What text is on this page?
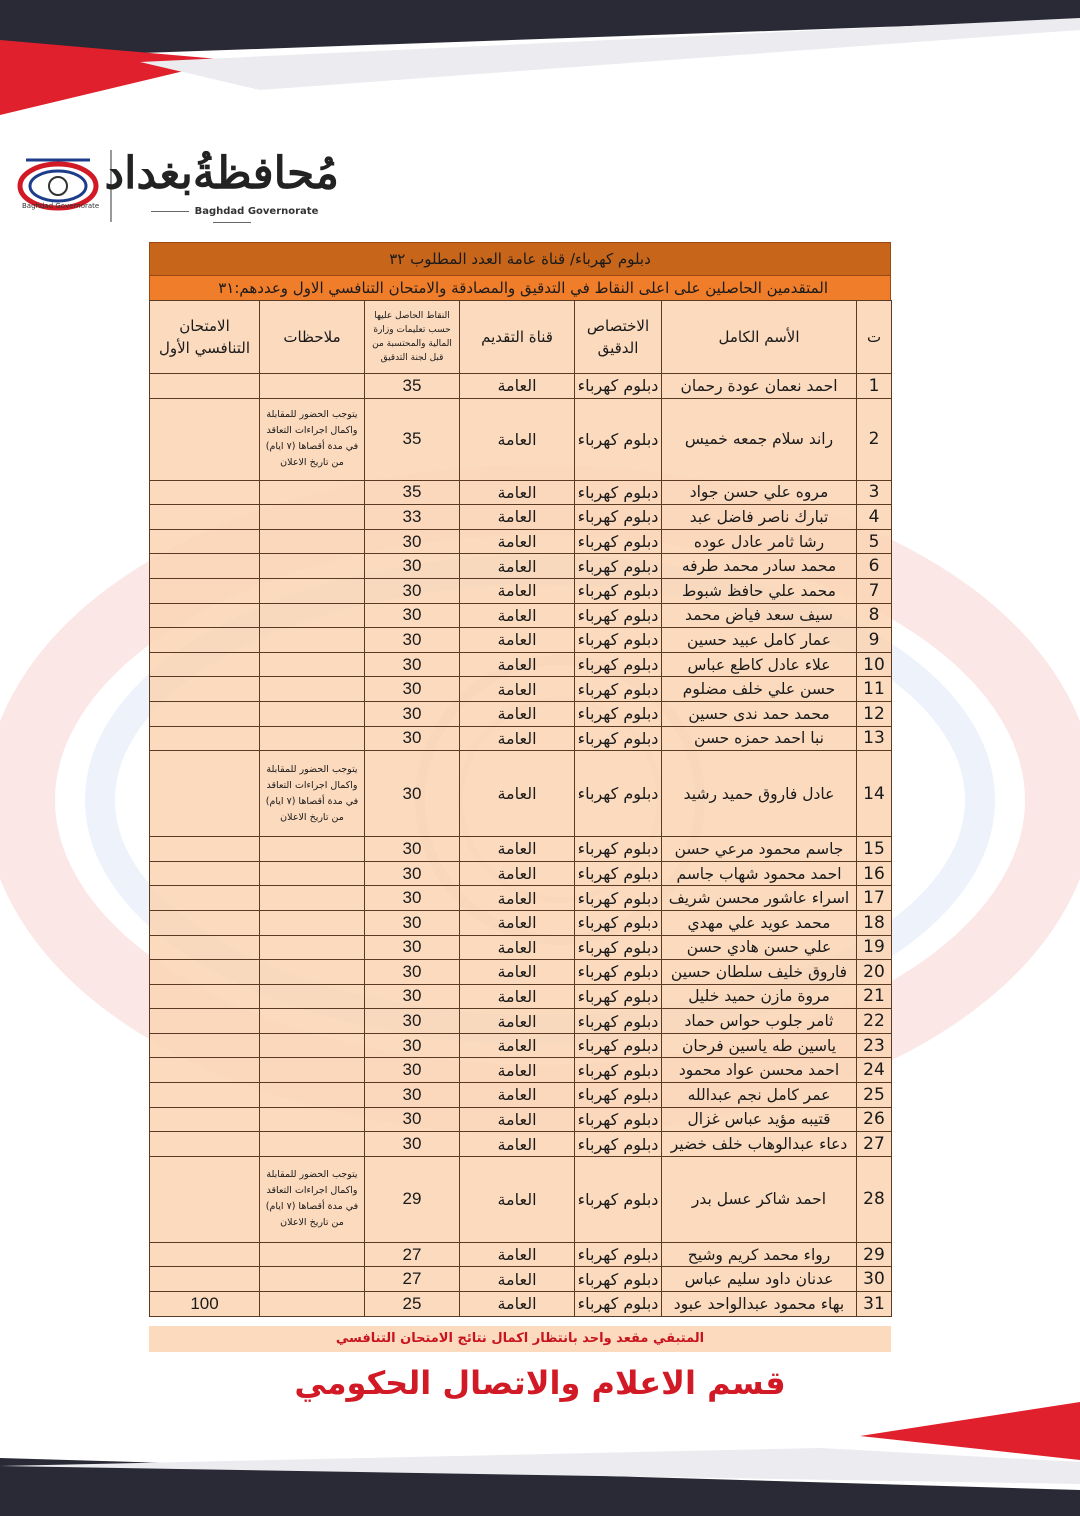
Baghdad Governorate
مُحافظةُبغداد
Baghdad Governorate
دبلوم كهرباء/ قناة عامة العدد المطلوب ٣٢
المتقدمين الحاصلين على اعلى النقاط في التدقيق والمصادقة والامتحان التنافسي الاول وعددهم:٣١
ت	الأسم الكامل	الاختصاص الدقيق	قناة التقديم	النقاط الحاصل عليها حسب تعليمات وزارة المالية والمحتسبة من قبل لجنة التدقيق	ملاحظات	الامتحان التنافسي الأول
1	احمد نعمان عودة رحمان	دبلوم كهرباء	العامة	35		
2	راند سلام جمعه خميس	دبلوم كهرباء	العامة	35	يتوجب الحضور للمقابلة واكمال اجراءات التعاقد في مدة أقصاها (٧ ايام) من تاريخ الاعلان	
3	مروه علي حسن جواد	دبلوم كهرباء	العامة	35		
4	تبارك ناصر فاضل عبد	دبلوم كهرباء	العامة	33		
5	رشا ثامر عادل عوده	دبلوم كهرباء	العامة	30		
6	محمد سادر محمد طرفه	دبلوم كهرباء	العامة	30		
7	محمد علي حافظ شبوط	دبلوم كهرباء	العامة	30		
8	سيف سعد فياض محمد	دبلوم كهرباء	العامة	30		
9	عمار كامل عبيد حسين	دبلوم كهرباء	العامة	30		
10	علاء عادل كاطع عباس	دبلوم كهرباء	العامة	30		
11	حسن علي خلف مضلوم	دبلوم كهرباء	العامة	30		
12	محمد حمد ندى حسين	دبلوم كهرباء	العامة	30		
13	نبا احمد حمزه حسن	دبلوم كهرباء	العامة	30		
14	عادل فاروق حميد رشيد	دبلوم كهرباء	العامة	30	يتوجب الحضور للمقابلة واكمال اجراءات التعاقد في مدة أقصاها (٧ ايام) من تاريخ الاعلان	
15	جاسم محمود مرعي حسن	دبلوم كهرباء	العامة	30		
16	احمد محمود شهاب جاسم	دبلوم كهرباء	العامة	30		
17	اسراء عاشور محسن شريف	دبلوم كهرباء	العامة	30		
18	محمد عويد علي مهدي	دبلوم كهرباء	العامة	30		
19	علي حسن هادي حسن	دبلوم كهرباء	العامة	30		
20	فاروق خليف سلطان حسين	دبلوم كهرباء	العامة	30		
21	مروة مازن حميد خليل	دبلوم كهرباء	العامة	30		
22	ثامر جلوب حواس حماد	دبلوم كهرباء	العامة	30		
23	ياسين طه ياسين فرحان	دبلوم كهرباء	العامة	30		
24	احمد محسن عواد محمود	دبلوم كهرباء	العامة	30		
25	عمر كامل نجم عبدالله	دبلوم كهرباء	العامة	30		
26	قتيبه مؤيد عباس غزال	دبلوم كهرباء	العامة	30		
27	دعاء عبدالوهاب خلف خضير	دبلوم كهرباء	العامة	30		
28	احمد شاكر عسل بدر	دبلوم كهرباء	العامة	29	يتوجب الحضور للمقابلة واكمال اجراءات التعاقد في مدة أقصاها (٧ ايام) من تاريخ الاعلان	
29	رواء محمد كريم وشيح	دبلوم كهرباء	العامة	27		
30	عدنان داود سليم عباس	دبلوم كهرباء	العامة	27		
31	بهاء محمود عبدالواحد عبود	دبلوم كهرباء	العامة	25		100
المتبقي مقعد واحد بانتظار اكمال نتائج الامتحان التنافسي
قسم الاعلام والاتصال الحكومي
